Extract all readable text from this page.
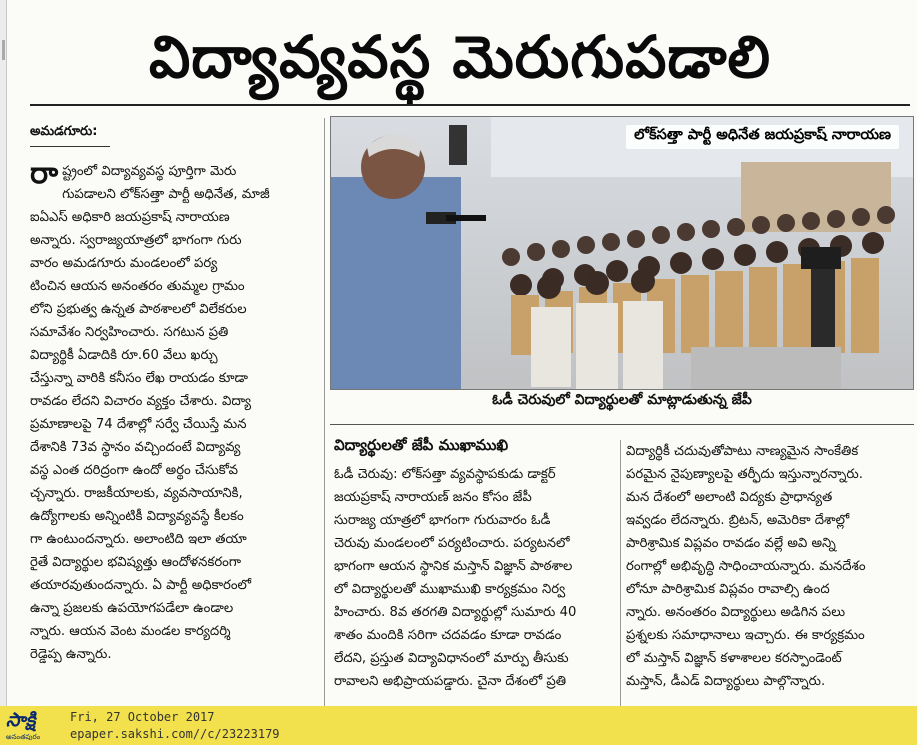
విద్యావ్యవస్థ మెరుగుపడాలి
అమడగూరు:
రా ష్ట్రంలో విద్యావ్యవస్థ పూర్తిగా మెరు
గుపడాలని లోక్‌సత్తా పార్టీ అధినేత, మాజీ
ఐఏఎస్ అధికారి జయప్రకాష్ నారాయణ
అన్నారు. స్వరాజ్యయాత్రలో భాగంగా గురు
వారం అమడగూరు మండలంలో పర్య
టించిన ఆయన అనంతరం తుమ్మల గ్రామం
లోని ప్రభుత్వ ఉన్నత పాఠశాలలో విలేకరుల
సమావేశం నిర్వహించారు. సగటున ప్రతి
విద్యార్థికీ ఏడాదికి రూ.60 వేలు ఖర్చు
చేస్తున్నా వారికి కనీసం లేఖ రాయడం కూడా
రావడం లేదని విచారం వ్యక్తం చేశారు. విద్యా
ప్రమాణాలపై 74 దేశాల్లో సర్వే చేయిస్తే మన
దేశానికి 73వ స్థానం వచ్చిందంటే విద్యావ్య
వస్థ ఎంత దరిద్రంగా ఉందో అర్థం చేసుకోవ
చ్చన్నారు. రాజకీయాలకు, వ్యవసాయానికి,
ఉద్యోగాలకు అన్నింటికీ విద్యావ్యవస్థే కీలకం
గా ఉంటుందన్నారు. అలాంటిది ఇలా తయా
రైతే విద్యార్థుల భవిష్యత్తు ఆందోళనకరంగా
తయారవుతుందన్నారు. ఏ పార్టీ అధికారంలో
ఉన్నా ప్రజలకు ఉపయోగపడేలా ఉండాల
న్నారు. ఆయన వెంట మండల కార్యదర్శి
రెడ్డెప్ప ఉన్నారు.

లోక్‌సత్తా పార్టీ అధినేత జయప్రకాష్ నారాయణ
ఓడీ చెరువులో విద్యార్థులతో మాట్లాడుతున్న జేపీ
విద్యార్థులతో జేపీ ముఖాముఖి

ఓడీ చెరువు: లోక్‌సత్తా వ్యవస్థాపకుడు డాక్టర్
జయప్రకాష్ నారాయణ్ జనం కోసం జేపీ
సురాజ్య యాత్రలో భాగంగా గురువారం ఓడీ
చెరువు మండలంలో పర్యటించారు. పర్యటనలో
భాగంగా ఆయన స్థానిక మస్తాన్ విజ్ఞాన్ పాఠశాల
లో విద్యార్థులతో ముఖాముఖి కార్యక్రమం నిర్వ
హించారు. 8వ తరగతి విద్యార్థుల్లో సుమారు 40
శాతం మందికి సరిగా చదవడం కూడా రావడం
లేదని, ప్రస్తుత విద్యావిధానంలో మార్పు తీసుకు
రావాలని అభిప్రాయపడ్డారు. చైనా దేశంలో ప్రతి

విద్యార్థికీ చదువుతోపాటు నాణ్యమైన సాంకేతిక
పరమైన నైపుణ్యాలపై తర్ఫీదు ఇస్తున్నారన్నారు.
మన దేశంలో అలాంటి విద్యకు ప్రాధాన్యత
ఇవ్వడం లేదన్నారు. బ్రిటన్, అమెరికా దేశాల్లో
పారిశ్రామిక విప్లవం రావడం వల్లే అవి అన్ని
రంగాల్లో అభివృద్ధి సాధించాయన్నారు. మనదేశం
లోనూ పారిశ్రామిక విప్లవం రావాల్సి ఉంద
న్నారు. అనంతరం విద్యార్థులు అడిగిన పలు
ప్రశ్నలకు సమాధానాలు ఇచ్చారు. ఈ కార్యక్రమం
లో మస్తాన్ విజ్ఞాన్ కళాశాలల కరస్పాండెంట్
మస్తాన్, డీఎడ్ విద్యార్థులు పాల్గొన్నారు.

సాక్షి
అనంతపురం
Fri, 27 October 2017
epaper.sakshi.com//c/23223179
